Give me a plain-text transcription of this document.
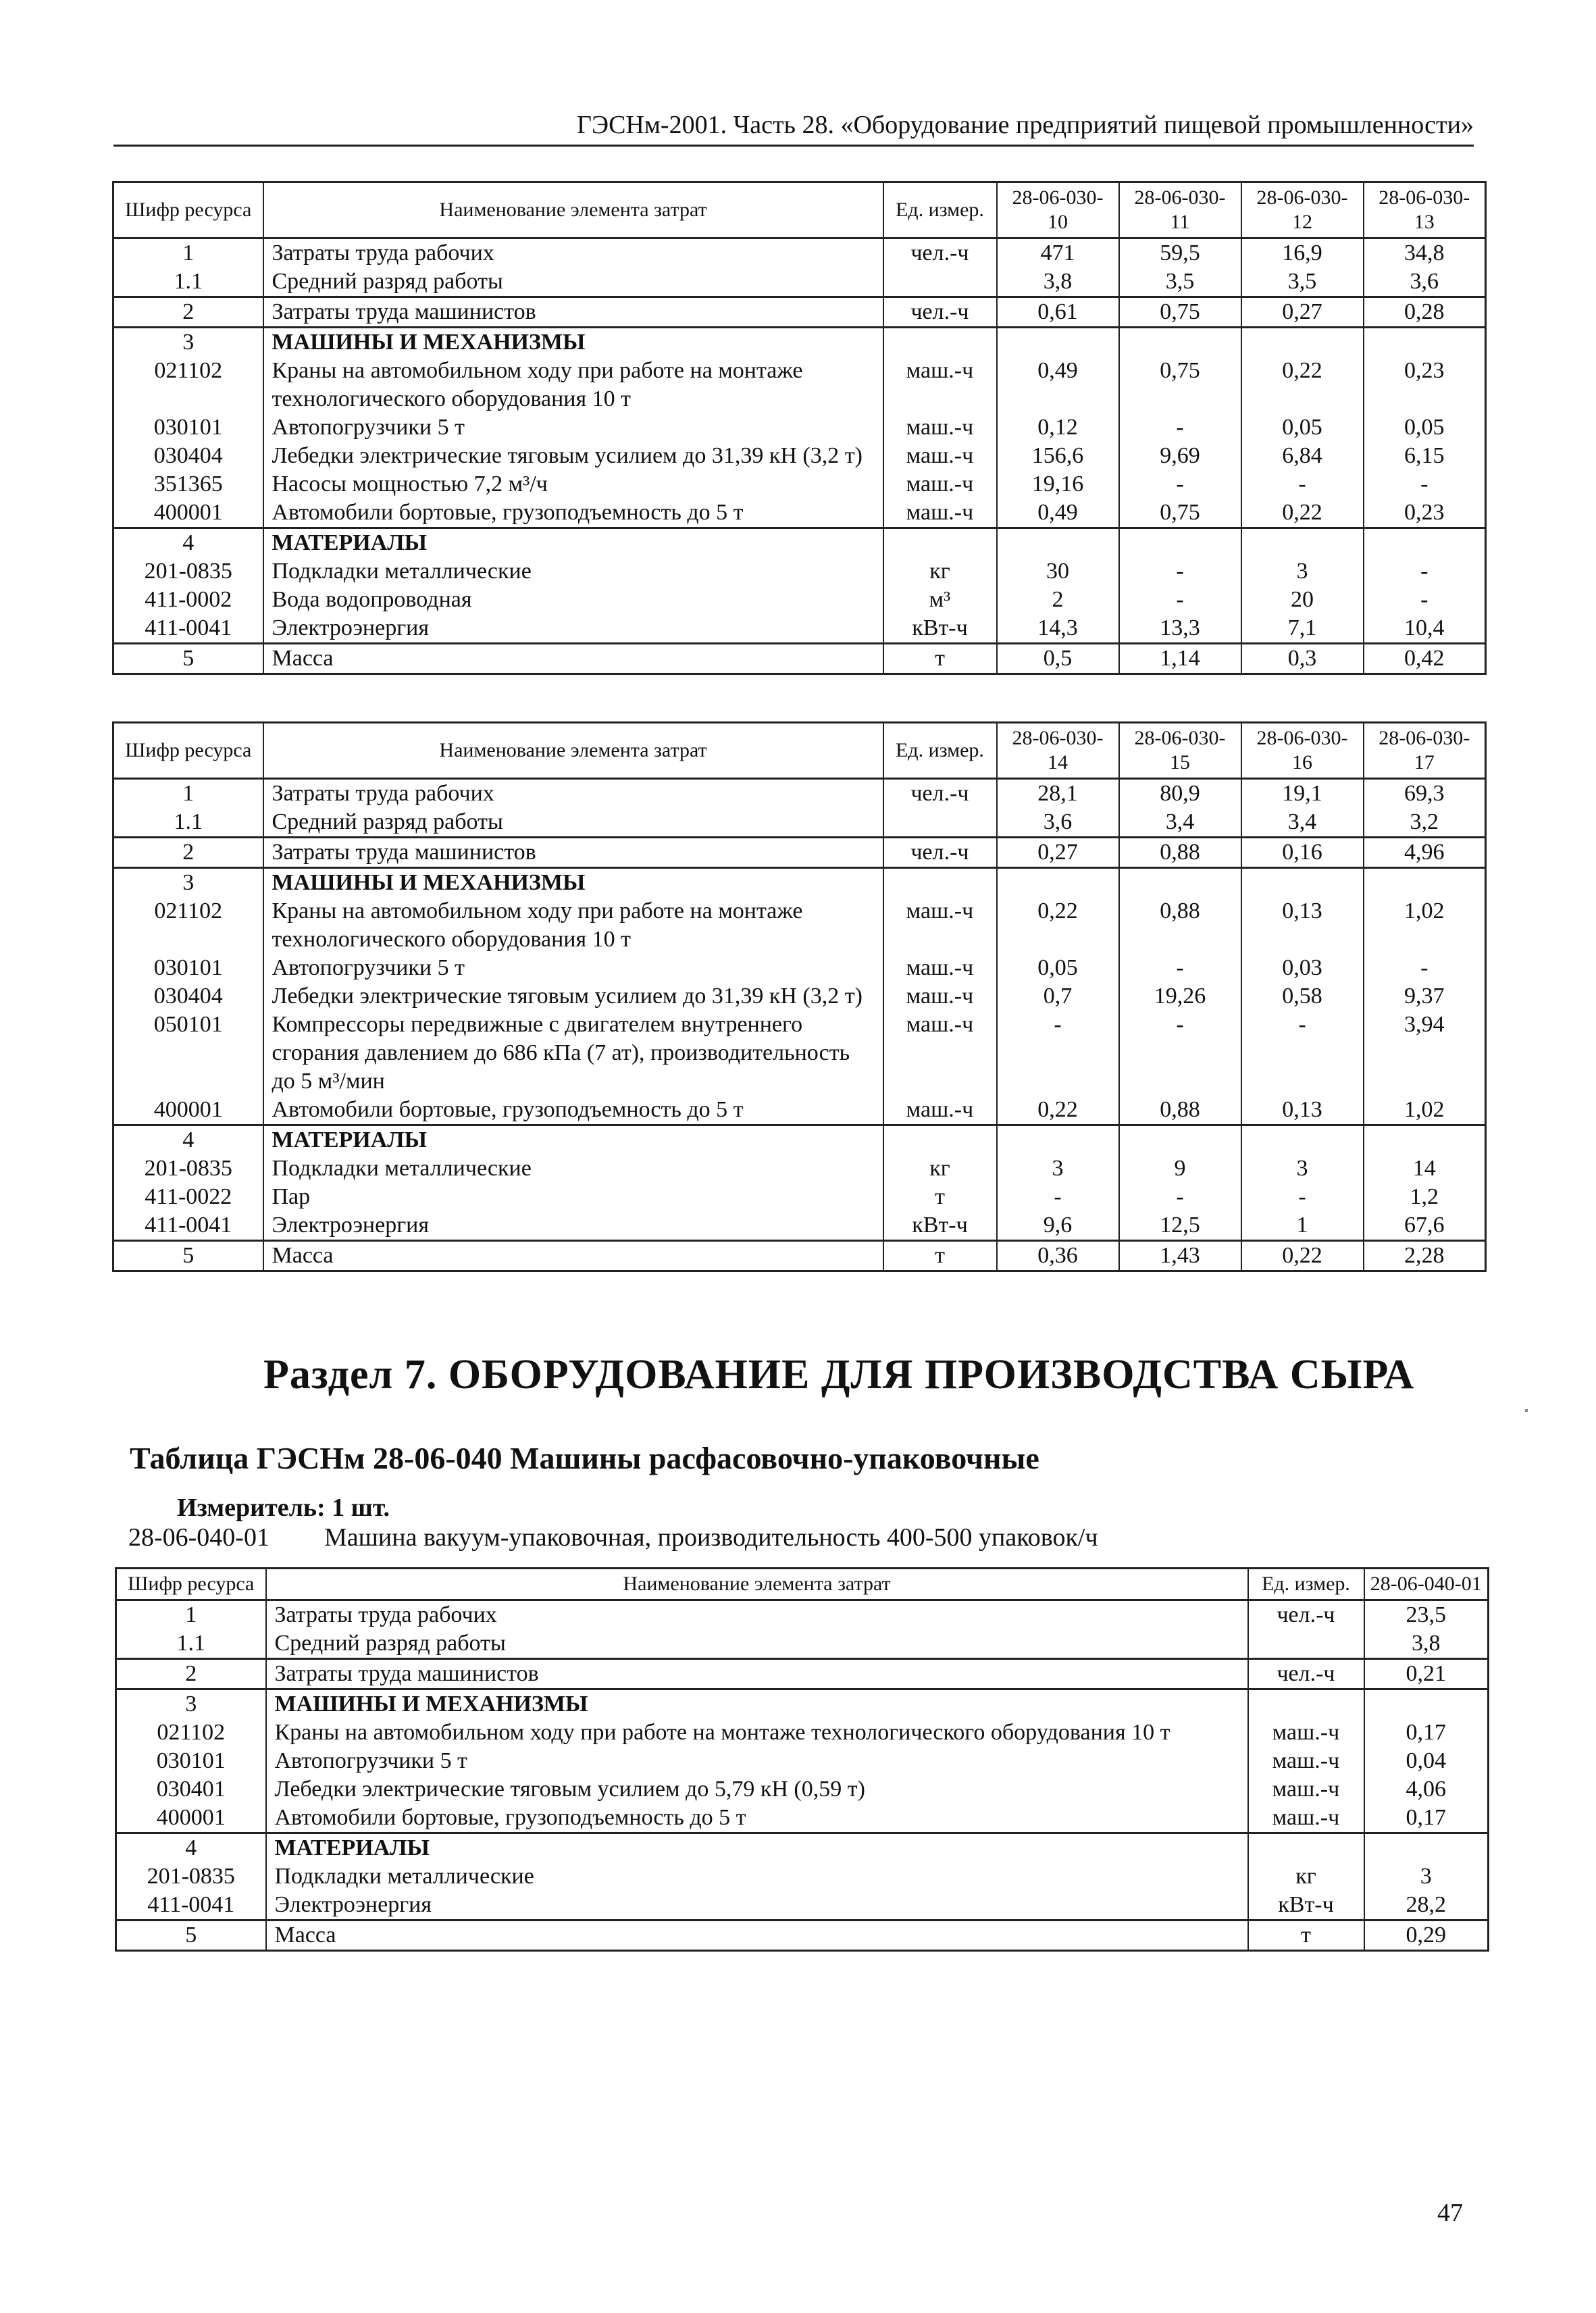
ГЭСНм-2001. Часть 28. «Оборудование предприятий пищевой промышленности»
Шифр ресурса	Наименование элемента затрат	Ед. измер.	28-06-030-10	28-06-030-11	28-06-030-12	28-06-030-13
1	Затраты труда рабочих	чел.-ч	471	59,5	16,9	34,8
1.1	Средний разряд работы		3,8	3,5	3,5	3,6
2	Затраты труда машинистов	чел.-ч	0,61	0,75	0,27	0,28
3	МАШИНЫ И МЕХАНИЗМЫ					
021102	Краны на автомобильном ходу при работе на монтаже технологического оборудования 10 т	маш.-ч	0,49	0,75	0,22	0,23
030101	Автопогрузчики 5 т	маш.-ч	0,12	-	0,05	0,05
030404	Лебедки электрические тяговым усилием до 31,39 кН (3,2 т)	маш.-ч	156,6	9,69	6,84	6,15
351365	Насосы мощностью 7,2 м³/ч	маш.-ч	19,16	-	-	-
400001	Автомобили бортовые, грузоподъемность до 5 т	маш.-ч	0,49	0,75	0,22	0,23
4	МАТЕРИАЛЫ					
201-0835	Подкладки металлические	кг	30	-	3	-
411-0002	Вода водопроводная	м³	2	-	20	-
411-0041	Электроэнергия	кВт-ч	14,3	13,3	7,1	10,4
5	Масса	т	0,5	1,14	0,3	0,42
Шифр ресурса	Наименование элемента затрат	Ед. измер.	28-06-030-14	28-06-030-15	28-06-030-16	28-06-030-17
1	Затраты труда рабочих	чел.-ч	28,1	80,9	19,1	69,3
1.1	Средний разряд работы		3,6	3,4	3,4	3,2
2	Затраты труда машинистов	чел.-ч	0,27	0,88	0,16	4,96
3	МАШИНЫ И МЕХАНИЗМЫ					
021102	Краны на автомобильном ходу при работе на монтаже технологического оборудования 10 т	маш.-ч	0,22	0,88	0,13	1,02
030101	Автопогрузчики 5 т	маш.-ч	0,05	-	0,03	-
030404	Лебедки электрические тяговым усилием до 31,39 кН (3,2 т)	маш.-ч	0,7	19,26	0,58	9,37
050101	Компрессоры передвижные с двигателем внутреннего сгорания давлением до 686 кПа (7 ат), производительность до 5 м³/мин	маш.-ч	-	-	-	3,94
400001	Автомобили бортовые, грузоподъемность до 5 т	маш.-ч	0,22	0,88	0,13	1,02
4	МАТЕРИАЛЫ					
201-0835	Подкладки металлические	кг	3	9	3	14
411-0022	Пар	т	-	-	-	1,2
411-0041	Электроэнергия	кВт-ч	9,6	12,5	1	67,6
5	Масса	т	0,36	1,43	0,22	2,28
Раздел 7. ОБОРУДОВАНИЕ ДЛЯ ПРОИЗВОДСТВА СЫРА
Таблица ГЭСНм 28-06-040 Машины расфасовочно-упаковочные
Измеритель: 1 шт.
28-06-040-01 Машина вакуум-упаковочная, производительность 400-500 упаковок/ч
Шифр ресурса	Наименование элемента затрат	Ед. измер.	28-06-040-01
1	Затраты труда рабочих	чел.-ч	23,5
1.1	Средний разряд работы		3,8
2	Затраты труда машинистов	чел.-ч	0,21
3	МАШИНЫ И МЕХАНИЗМЫ		
021102	Краны на автомобильном ходу при работе на монтаже технологического оборудования 10 т	маш.-ч	0,17
030101	Автопогрузчики 5 т	маш.-ч	0,04
030401	Лебедки электрические тяговым усилием до 5,79 кН (0,59 т)	маш.-ч	4,06
400001	Автомобили бортовые, грузоподъемность до 5 т	маш.-ч	0,17
4	МАТЕРИАЛЫ		
201-0835	Подкладки металлические	кг	3
411-0041	Электроэнергия	кВт-ч	28,2
5	Масса	т	0,29
47
